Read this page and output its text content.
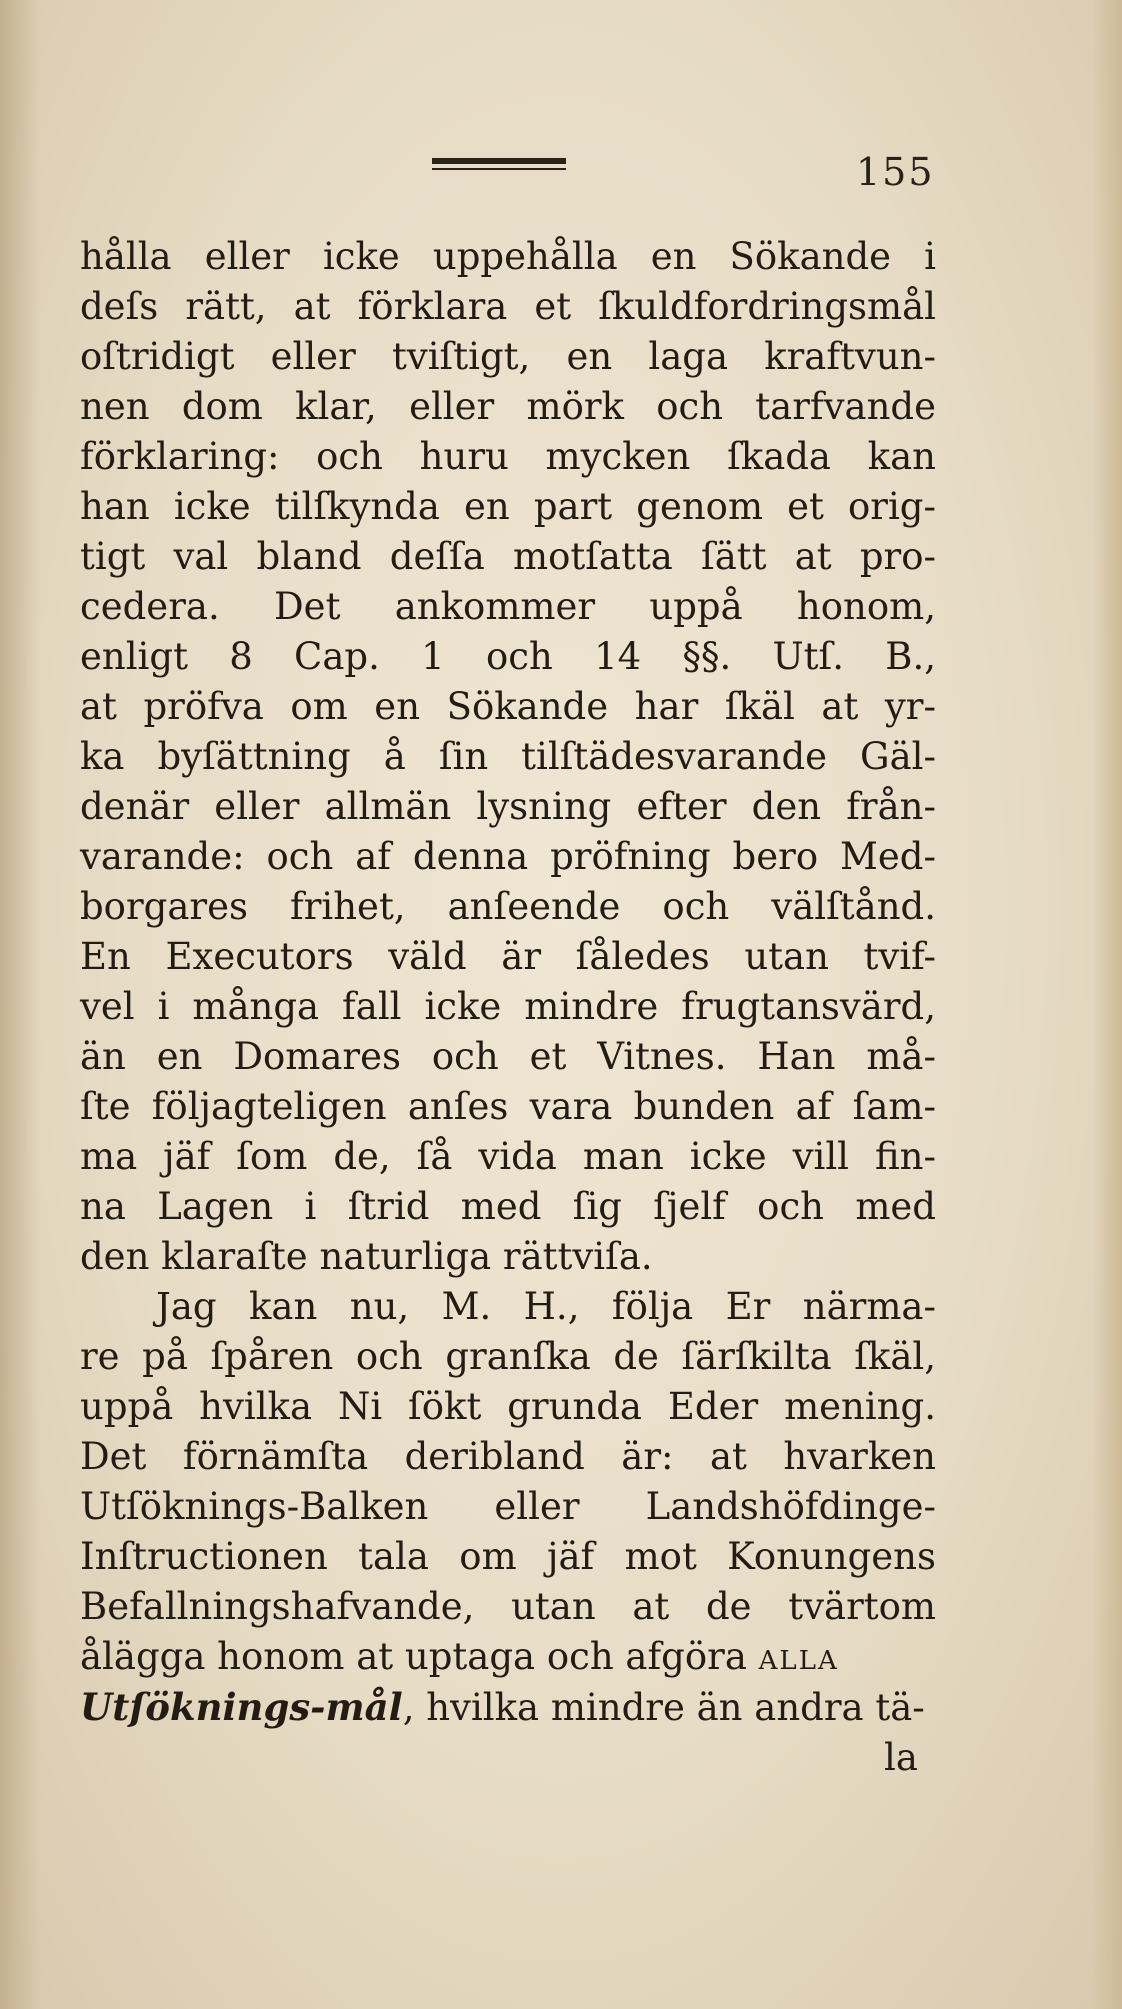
155
hålla eller icke uppehålla en Sökande i
deſs rätt, at förklara et ſkuldfordringsmål
oſtridigt eller tviſtigt, en laga kraftvun-
nen dom klar, eller mörk och tarfvande
förklaring: och huru mycken ſkada kan
han icke tilſkynda en part genom et orig-
tigt val bland deſſa motſatta ſätt at pro-
cedera. Det ankommer uppå honom,
enligt 8 Cap. 1 och 14 §§. Utſ. B.,
at pröfva om en Sökande har ſkäl at yr-
ka byſättning å ſin tilſtädesvarande Gäl-
denär eller allmän lysning efter den från-
varande: och af denna pröfning bero Med-
borgares frihet, anſeende och välſtånd.
En Executors väld är ſåledes utan tvif-
vel i många fall icke mindre frugtansvärd,
än en Domares och et Vitnes. Han må-
ſte följagteligen anſes vara bunden af ſam-
ma jäf ſom de, ſå vida man icke vill fin-
na Lagen i ſtrid med ſig ſjelf och med
den klaraſte naturliga rättviſa.
Jag kan nu, M. H., följa Er närma-
re på ſpåren och granſka de ſärſkilta ſkäl,
uppå hvilka Ni ſökt grunda Eder mening.
Det förnämſta deribland är: at hvarken
Utſöknings-Balken eller Landshöfdinge-
Inſtructionen tala om jäf mot Konungens
Befallningshafvande, utan at de tvärtom
ålägga honom at uptaga och afgöra alla
Utſöknings-mål, hvilka mindre än andra tä-
la
